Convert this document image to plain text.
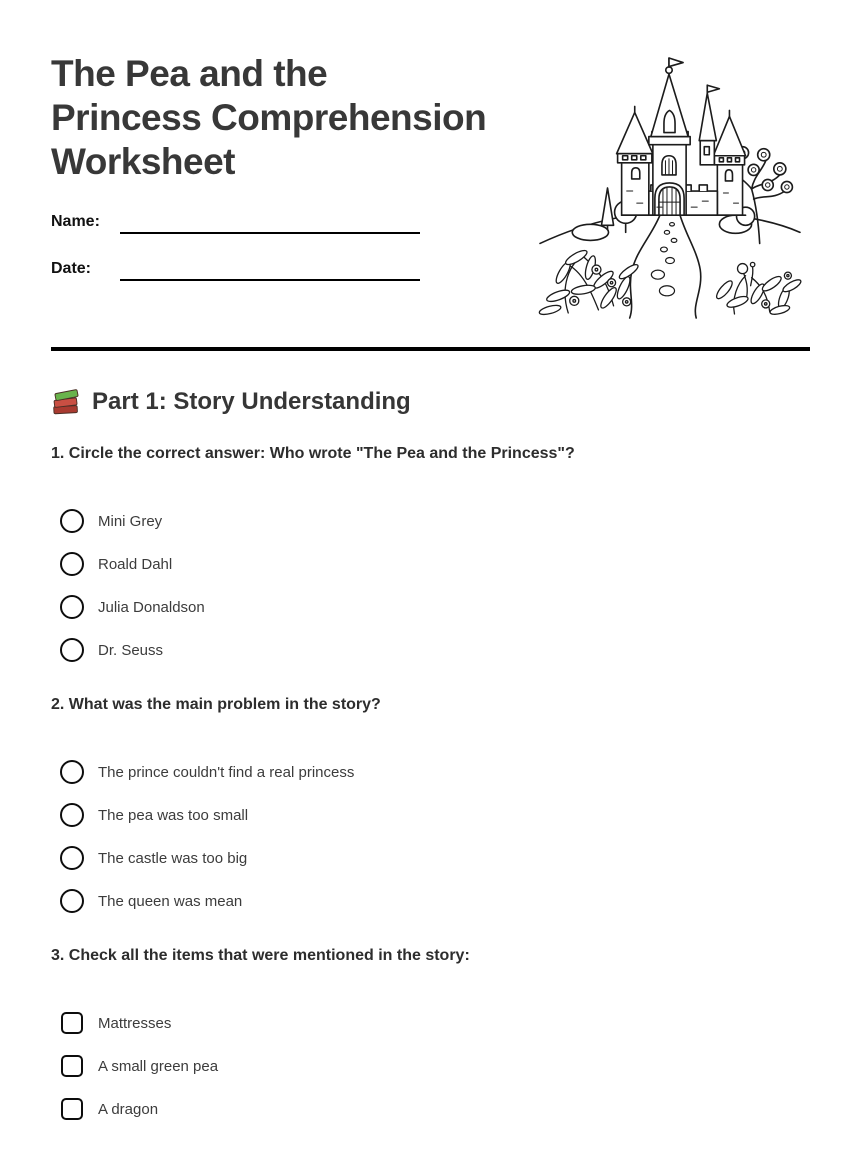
The Pea and the
Princess Comprehension
Worksheet
Name:
Date:
Part 1: Story Understanding
1. Circle the correct answer: Who wrote "The Pea and the Princess"?
Mini Grey
Roald Dahl
Julia Donaldson
Dr. Seuss
2. What was the main problem in the story?
The prince couldn't find a real princess
The pea was too small
The castle was too big
The queen was mean
3. Check all the items that were mentioned in the story:
Mattresses
A small green pea
A dragon
